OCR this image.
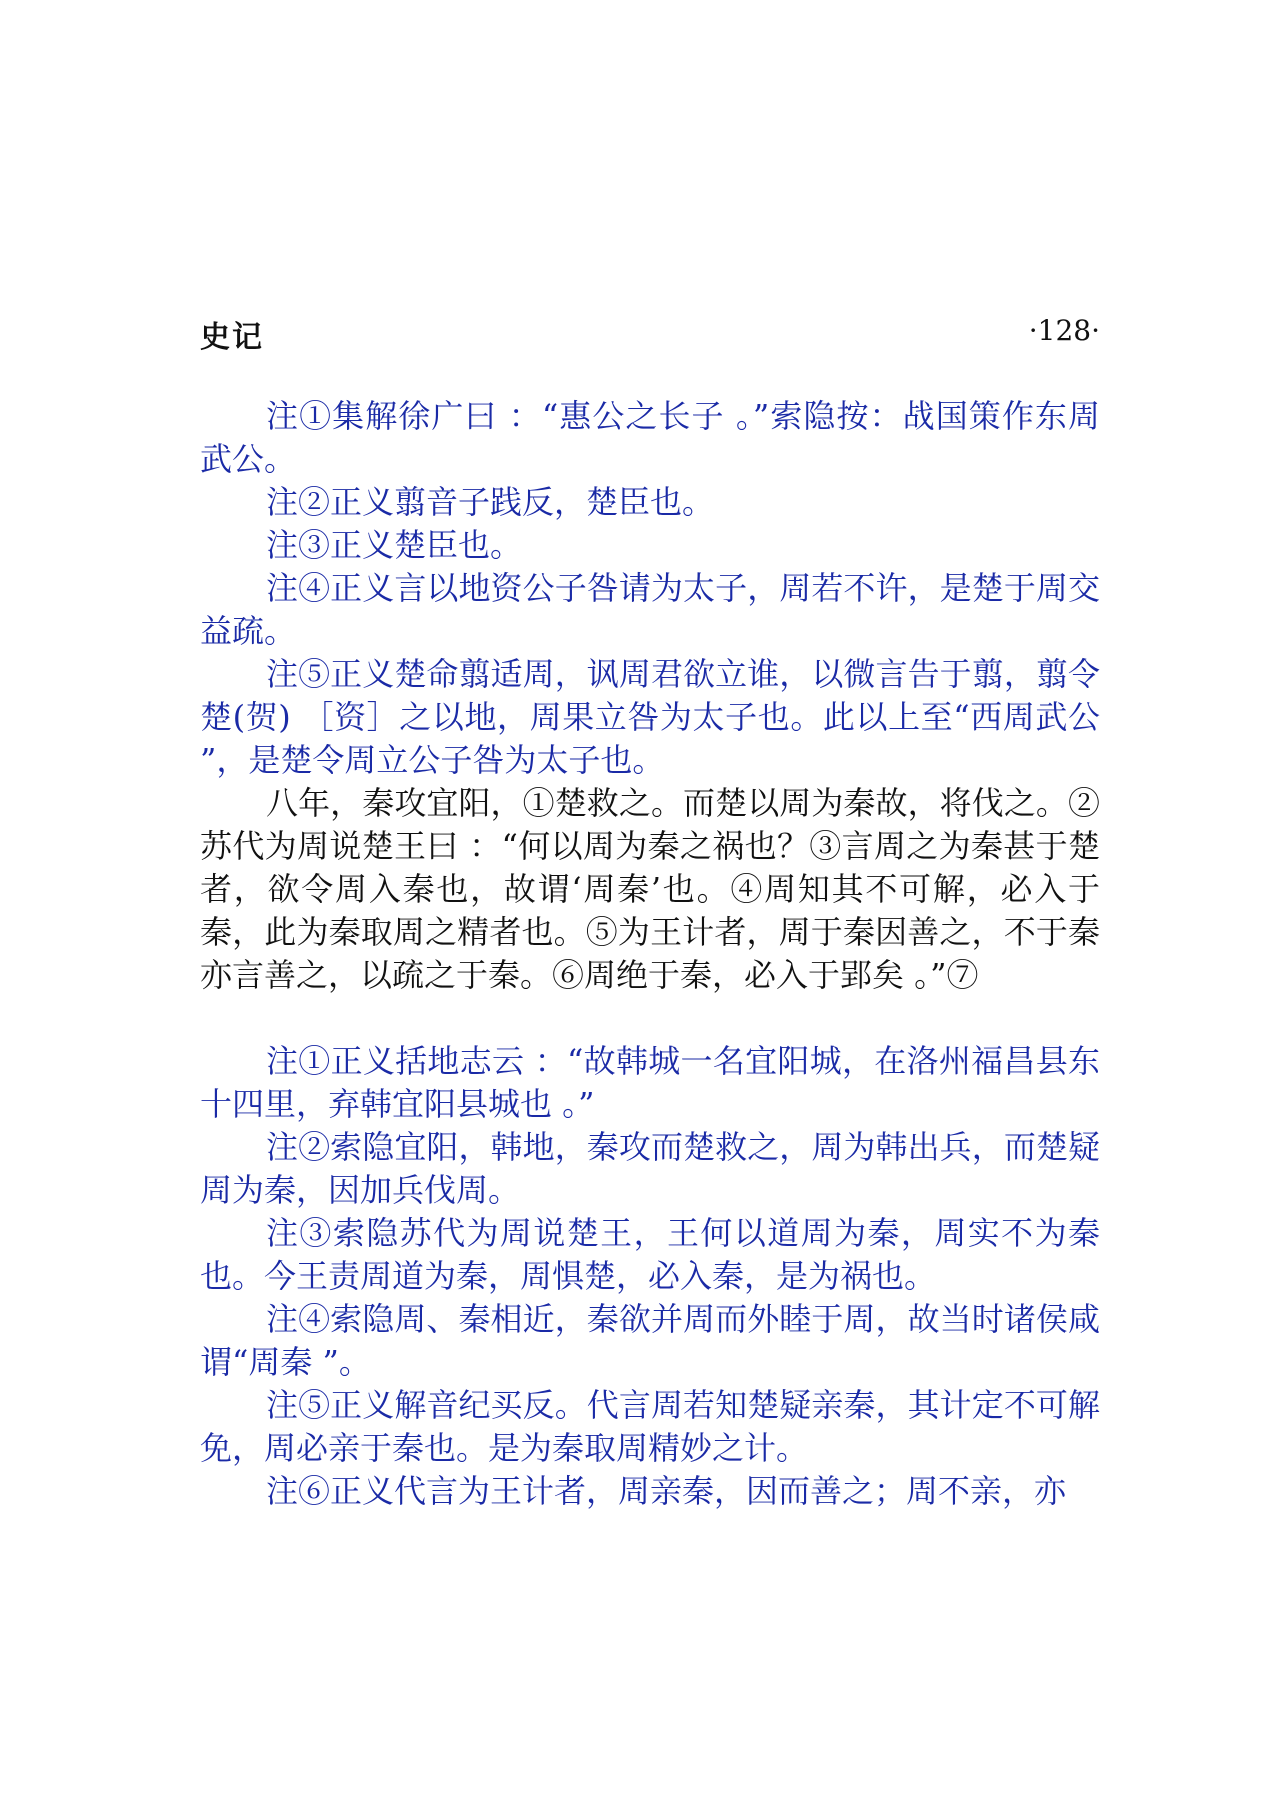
史记	·128·

注①集解徐广曰 ：“惠公之长子 。”索隐按：战国策作东周武公。

注②正义翦音子践反，楚臣也。

注③正义楚臣也。

注④正义言以地资公子咎请为太子，周若不许，是楚于周交益疏。

注⑤正义楚命翦适周，讽周君欲立谁，以微言告于翦，翦令楚(贺) ［资］之以地，周果立咎为太子也。此以上至“西周武公 ”，是楚令周立公子咎为太子也。

八年，秦攻宜阳，①楚救之。而楚以周为秦故，将伐之。②苏代为周说楚王曰 ：“何以周为秦之祸也？③言周之为秦甚于楚者，欲令周入秦也，故谓‘周秦’也。④周知其不可解，必入于秦，此为秦取周之精者也。⑤为王计者，周于秦因善之，不于秦亦言善之，以疏之于秦。⑥周绝于秦，必入于郢矣 。”⑦

注①正义括地志云 ：“故韩城一名宜阳城，在洛州福昌县东十四里，弃韩宜阳县城也 。”

注②索隐宜阳，韩地，秦攻而楚救之，周为韩出兵，而楚疑周为秦，因加兵伐周。

注③索隐苏代为周说楚王，王何以道周为秦，周实不为秦也。今王责周道为秦，周惧楚，必入秦，是为祸也。

注④索隐周、秦相近，秦欲并周而外睦于周，故当时诸侯咸谓“周秦 ”。

注⑤正义解音纪买反。代言周若知楚疑亲秦，其计定不可解免，周必亲于秦也。是为秦取周精妙之计。

注⑥正义代言为王计者，周亲秦，因而善之；周不亲，亦
